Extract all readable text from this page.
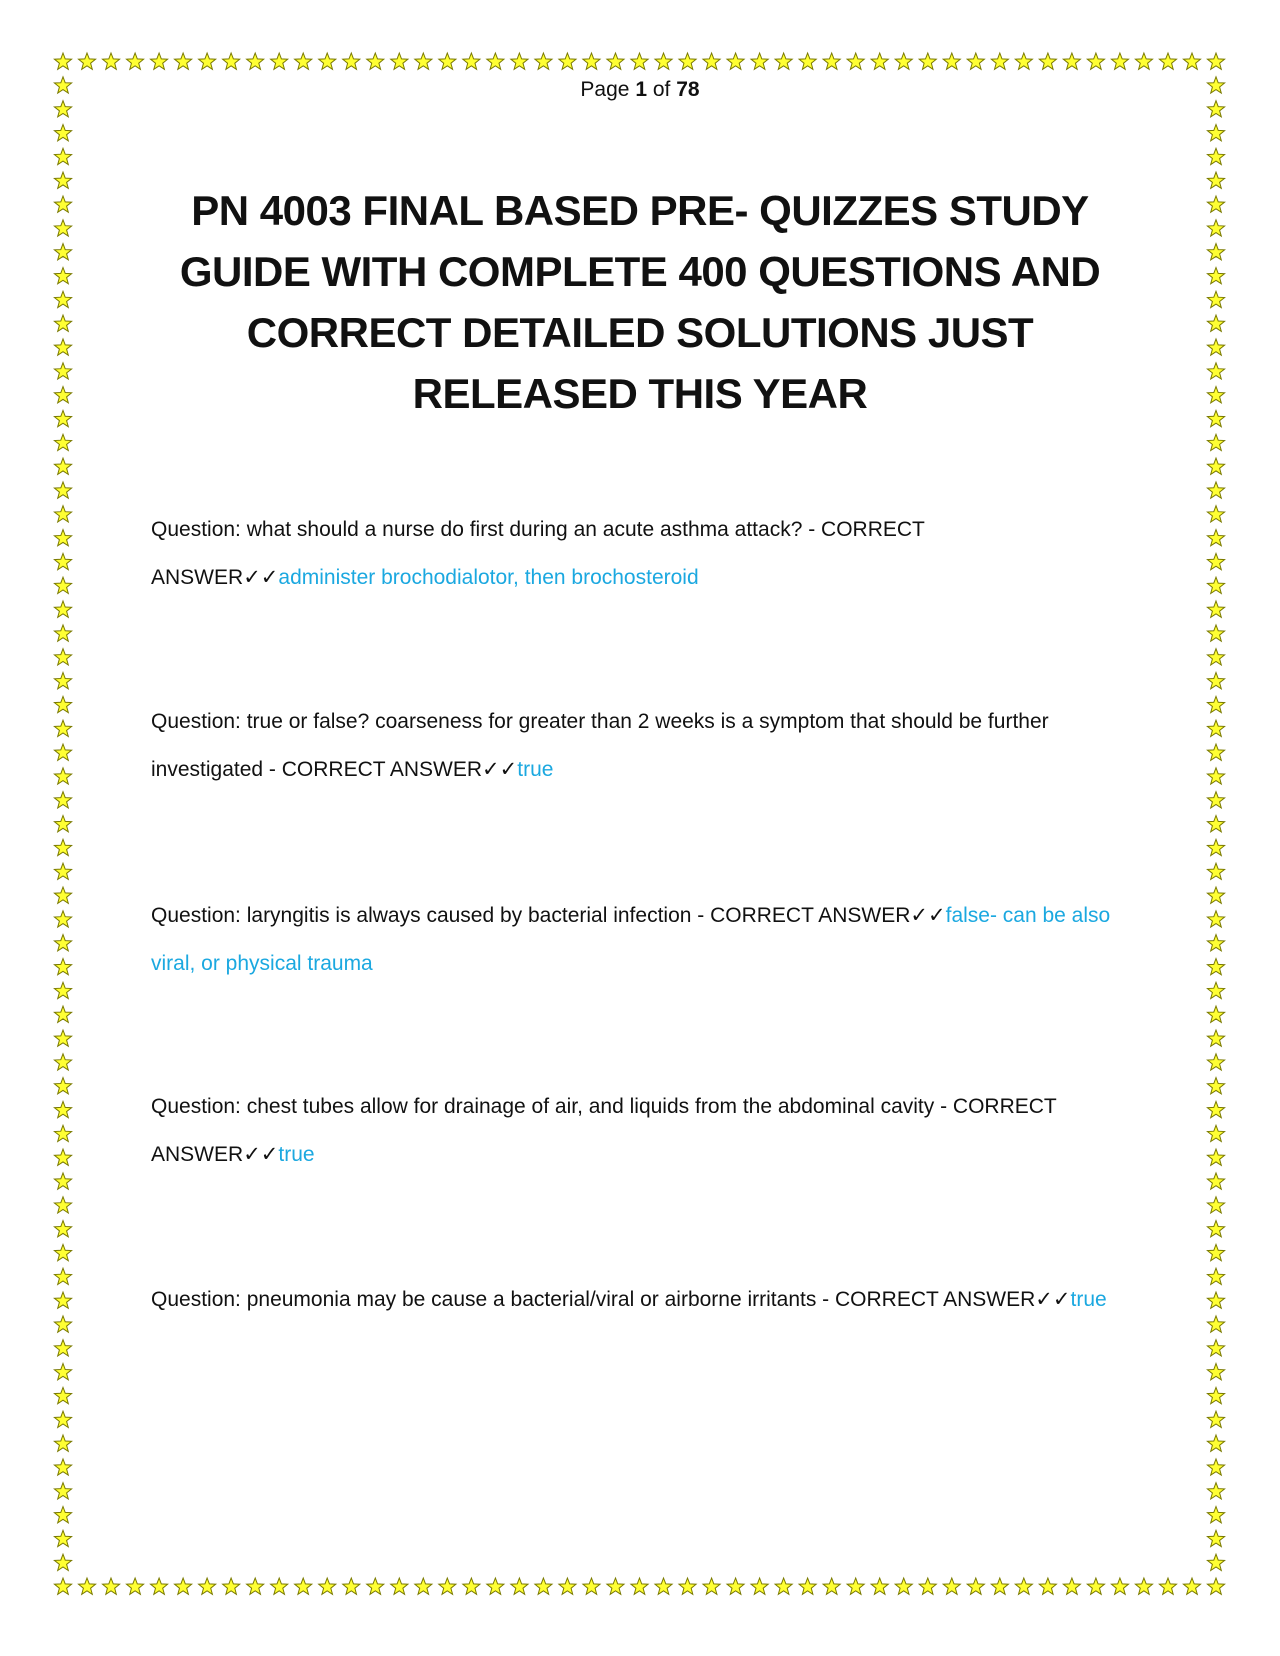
Page 1 of 78
PN 4003 FINAL BASED PRE- QUIZZES STUDY GUIDE WITH COMPLETE 400 QUESTIONS AND CORRECT DETAILED SOLUTIONS JUST RELEASED THIS YEAR
Question: what should a nurse do first during an acute asthma attack? - CORRECT ANSWER✓✓administer brochodialotor, then brochosteroid
Question: true or false? coarseness for greater than 2 weeks is a symptom that should be further investigated - CORRECT ANSWER✓✓true
Question: laryngitis is always caused by bacterial infection - CORRECT ANSWER✓✓false- can be also viral, or physical trauma
Question: chest tubes allow for drainage of air, and liquids from the abdominal cavity - CORRECT ANSWER✓✓true
Question: pneumonia may be cause a bacterial/viral or airborne irritants - CORRECT ANSWER✓✓true
